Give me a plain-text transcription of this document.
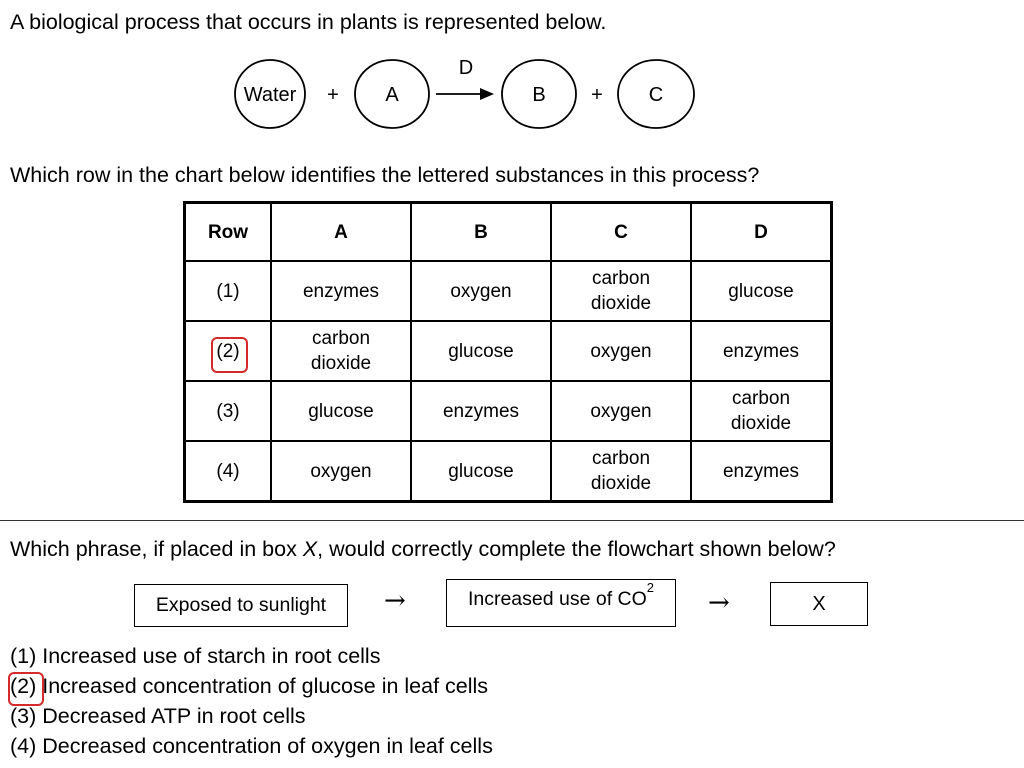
A biological process that occurs in plants is represented below.
Water + A
D
B + C
Which row in the chart below identifies the lettered substances in this process?
Row	A	B	C	D
(1)	enzymes	oxygen	carbon dioxide	glucose
(2)	carbon dioxide	glucose	oxygen	enzymes
(3)	glucose	enzymes	oxygen	carbon dioxide
(4)	oxygen	glucose	carbon dioxide	enzymes
Which phrase, if placed in box X, would correctly complete the flowchart shown below?
Exposed to sunlight	→	Increased use of CO
2
→	X
(1) Increased use of starch in root cells
(2) Increased concentration of glucose in leaf cells
(3) Decreased ATP in root cells
(4) Decreased concentration of oxygen in leaf cells
